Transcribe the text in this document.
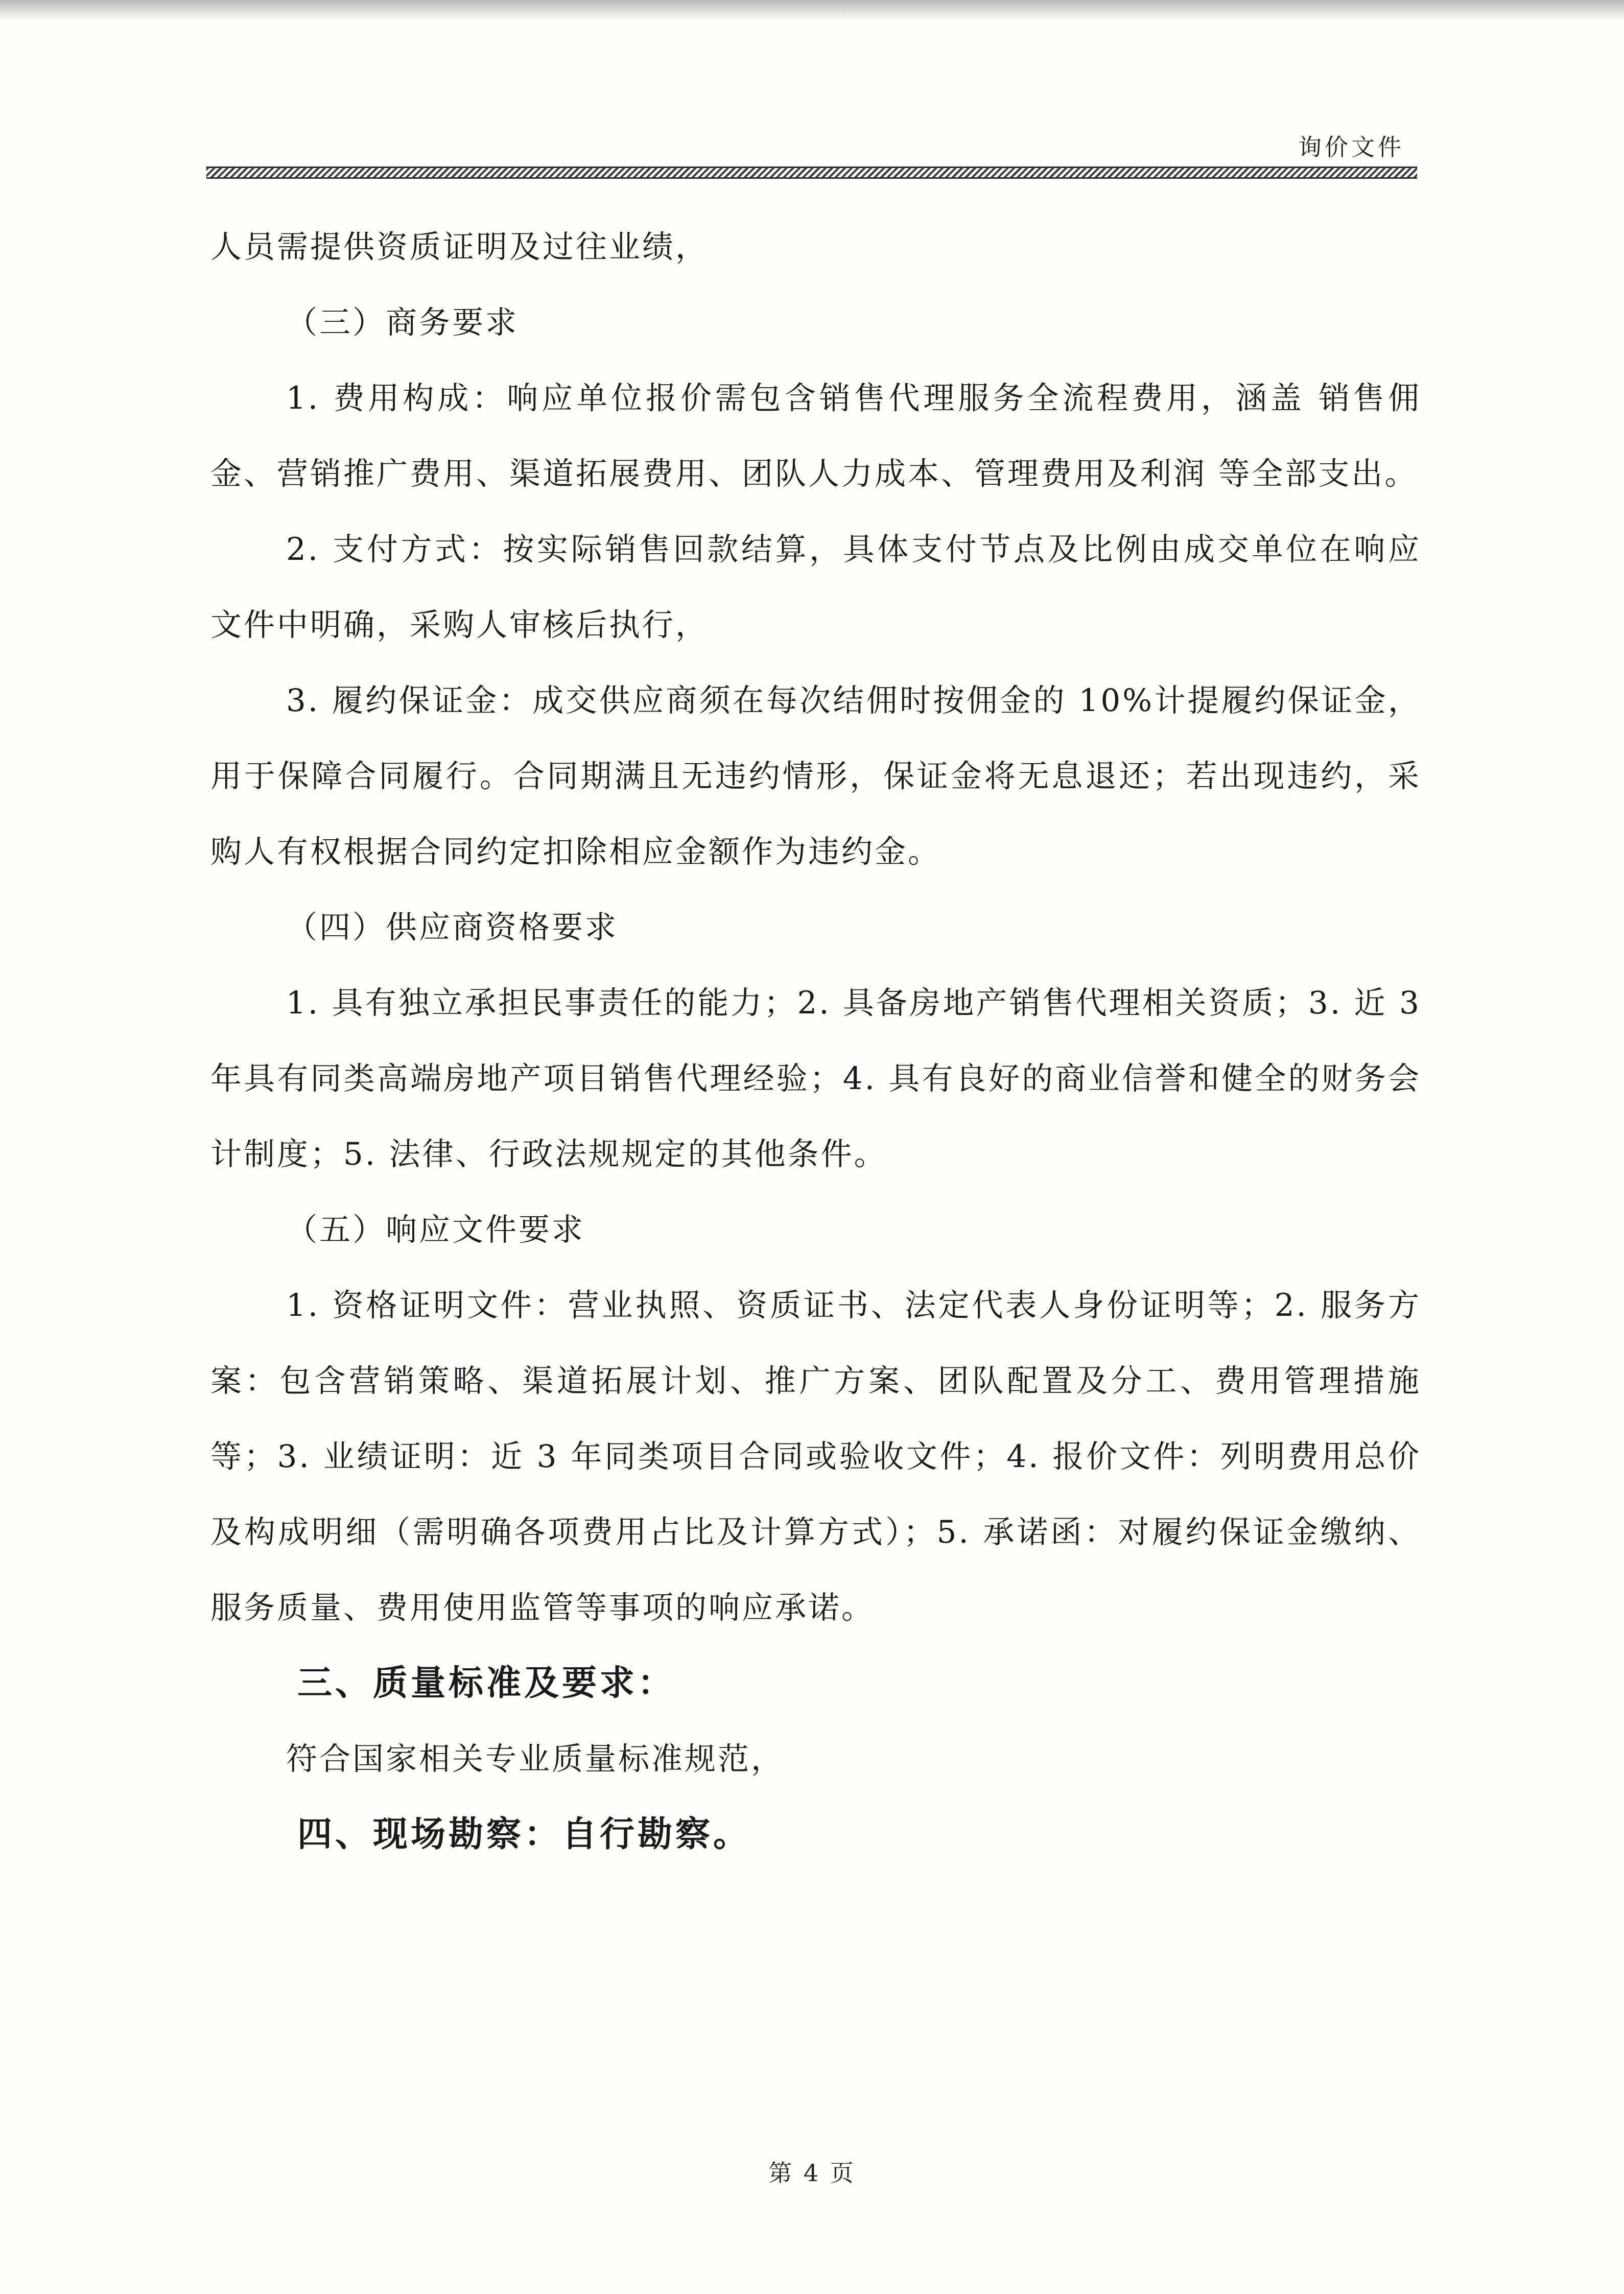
询价文件

人员需提供资质证明及过往业绩，

（三）商务要求

1. 费用构成：响应单位报价需包含销售代理服务全流程费用，涵盖 销售佣金、营销推广费用、渠道拓展费用、团队人力成本、管理费用及利润 等全部支出。

2. 支付方式：按实际销售回款结算，具体支付节点及比例由成交单位在响应文件中明确，采购人审核后执行，

3. 履约保证金：成交供应商须在每次结佣时按佣金的 10%计提履约保证金，用于保障合同履行。合同期满且无违约情形，保证金将无息退还；若出现违约，采购人有权根据合同约定扣除相应金额作为违约金。

（四）供应商资格要求

1. 具有独立承担民事责任的能力；2. 具备房地产销售代理相关资质；3. 近 3 年具有同类高端房地产项目销售代理经验；4. 具有良好的商业信誉和健全的财务会计制度；5. 法律、行政法规规定的其他条件。

（五）响应文件要求

1. 资格证明文件：营业执照、资质证书、法定代表人身份证明等；2. 服务方案：包含营销策略、渠道拓展计划、推广方案、团队配置及分工、费用管理措施等；3. 业绩证明：近 3 年同类项目合同或验收文件；4. 报价文件：列明费用总价及构成明细（需明确各项费用占比及计算方式）；5. 承诺函：对履约保证金缴纳、服务质量、费用使用监管等事项的响应承诺。

三、质量标准及要求：

符合国家相关专业质量标准规范，

四、现场勘察：自行勘察。

第 4 页
